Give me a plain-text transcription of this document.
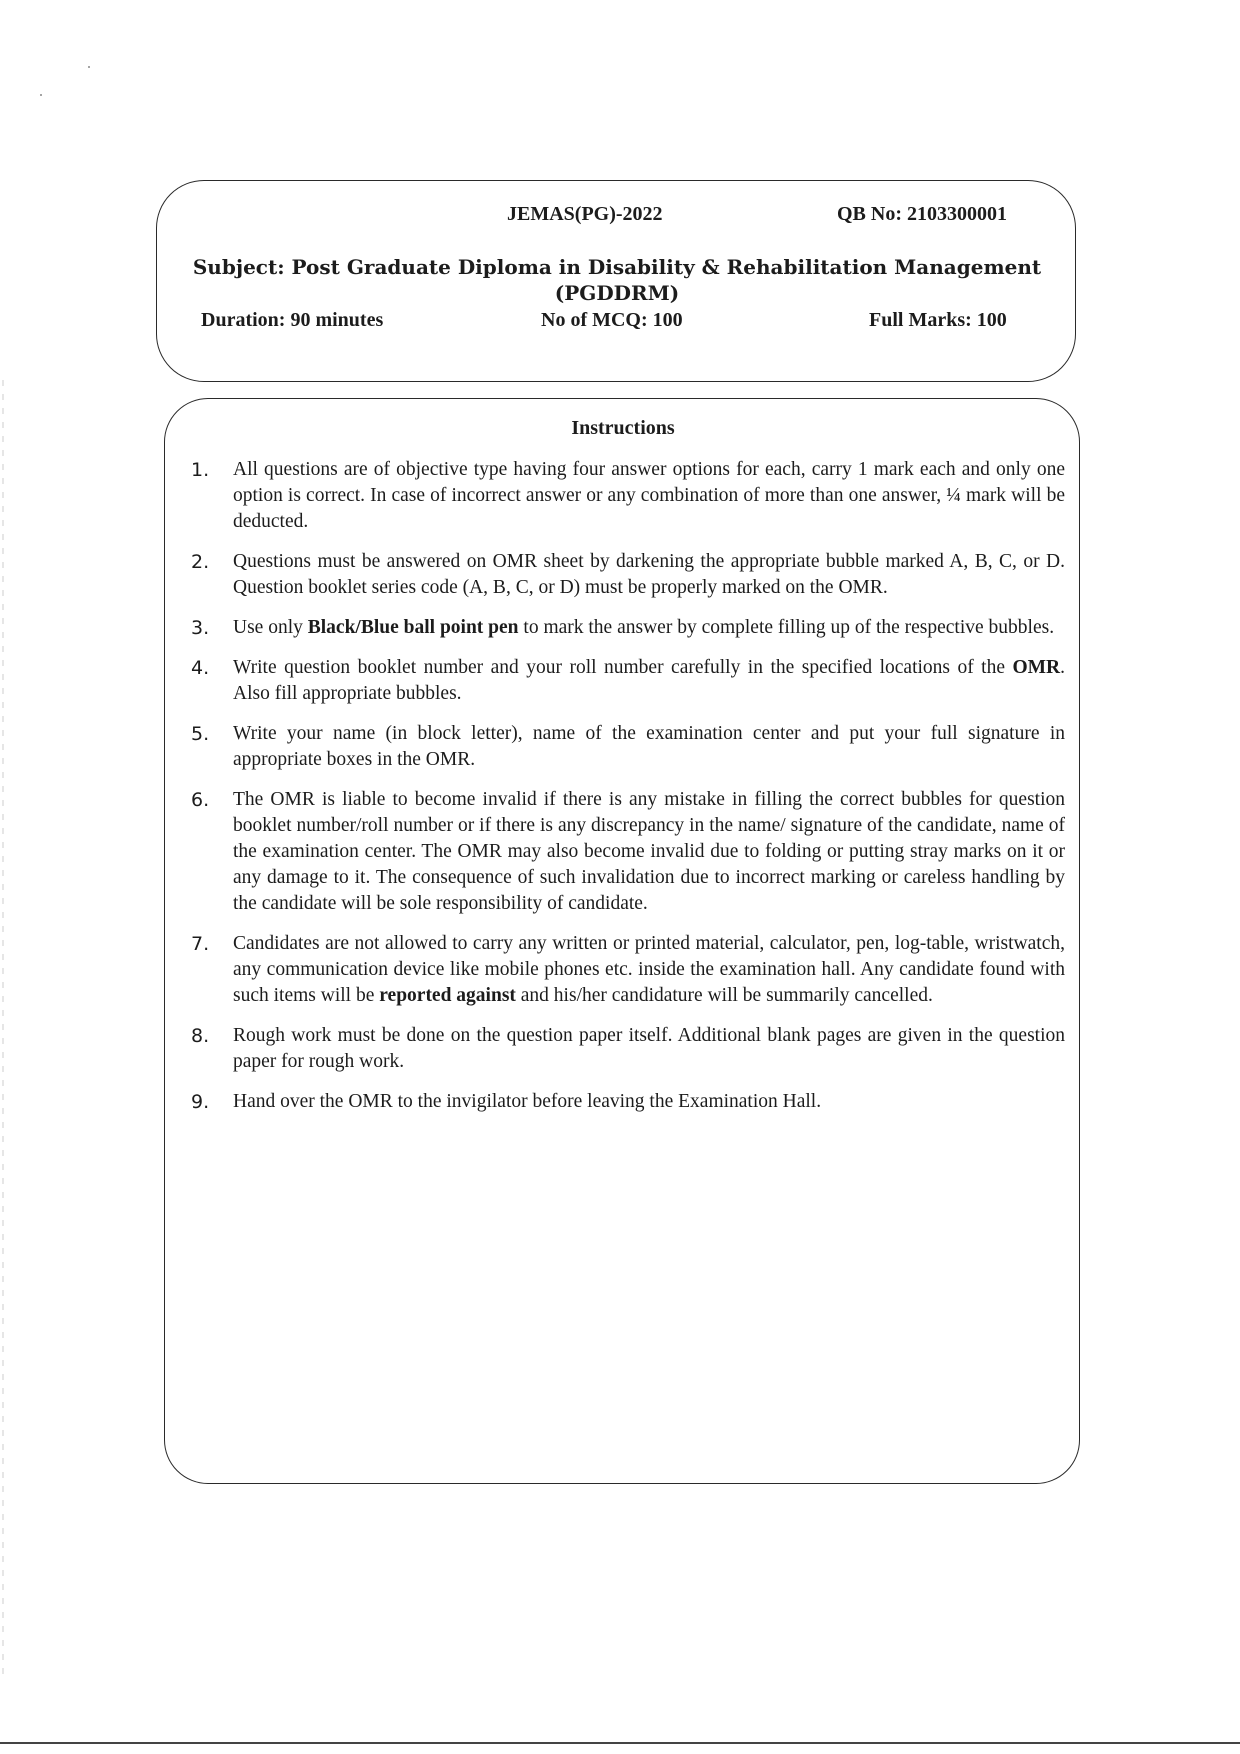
JEMAS(PG)-2022	QB No: 2103300001
Subject: Post Graduate Diploma in Disability & Rehabilitation Management
(PGDDRM)
Duration: 90 minutes	No of MCQ: 100	Full Marks: 100
Instructions
1. All questions are of objective type having four answer options for each, carry 1 mark each and only one option is correct. In case of incorrect answer or any combination of more than one answer, ¼ mark will be deducted.
2. Questions must be answered on OMR sheet by darkening the appropriate bubble marked A, B, C, or D. Question booklet series code (A, B, C, or D) must be properly marked on the OMR.
3. Use only Black/Blue ball point pen to mark the answer by complete filling up of the respective bubbles.
4. Write question booklet number and your roll number carefully in the specified locations of the OMR. Also fill appropriate bubbles.
5. Write your name (in block letter), name of the examination center and put your full signature in appropriate boxes in the OMR.
6. The OMR is liable to become invalid if there is any mistake in filling the correct bubbles for question booklet number/roll number or if there is any discrepancy in the name/ signature of the candidate, name of the examination center. The OMR may also become invalid due to folding or putting stray marks on it or any damage to it. The consequence of such invalidation due to incorrect marking or careless handling by the candidate will be sole responsibility of candidate.
7. Candidates are not allowed to carry any written or printed material, calculator, pen, log-table, wristwatch, any communication device like mobile phones etc. inside the examination hall. Any candidate found with such items will be reported against and his/her candidature will be summarily cancelled.
8. Rough work must be done on the question paper itself. Additional blank pages are given in the question paper for rough work.
9. Hand over the OMR to the invigilator before leaving the Examination Hall.
